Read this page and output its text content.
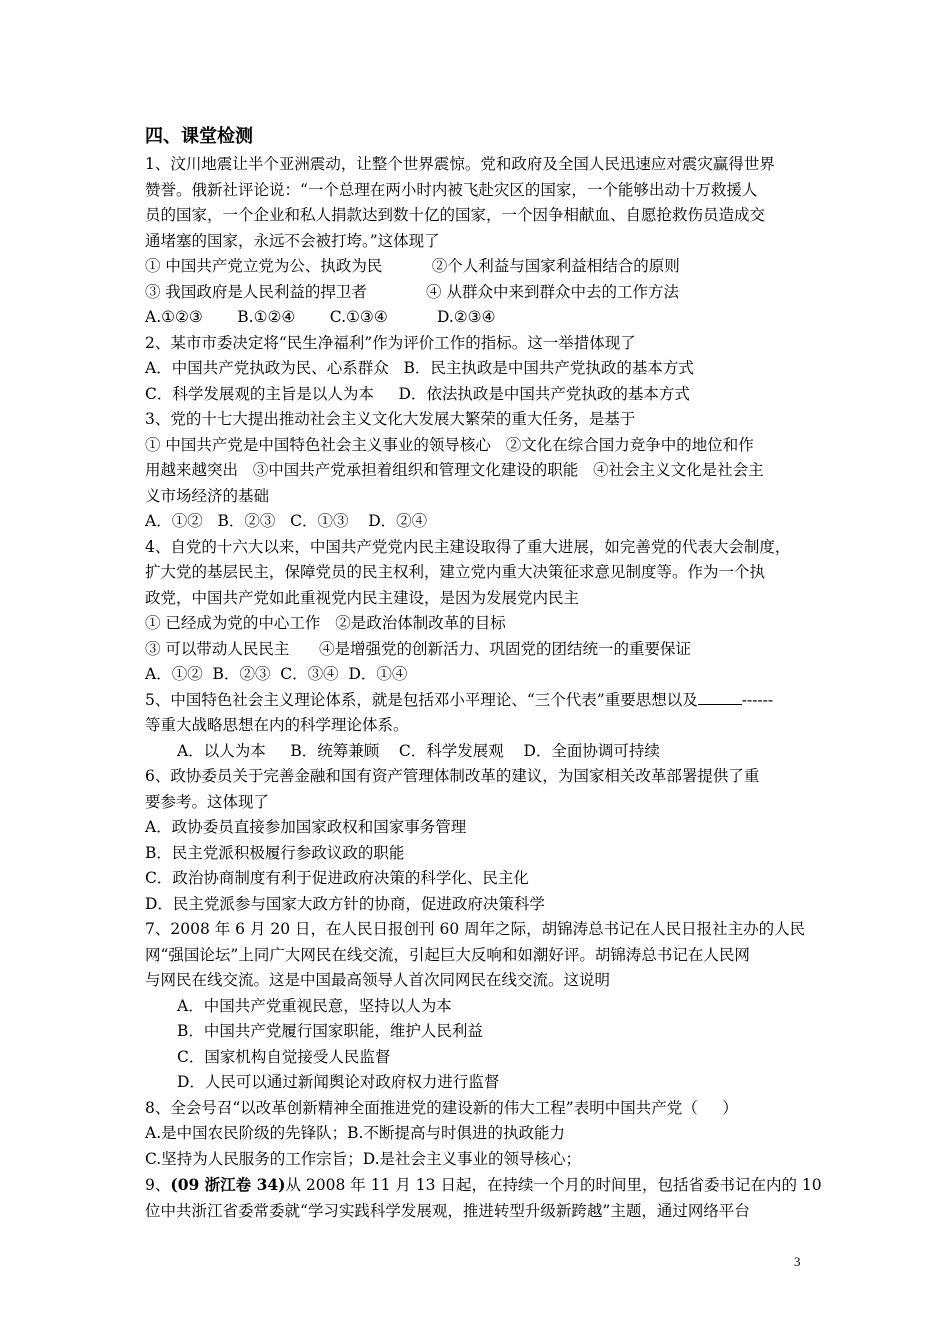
四、课堂检测
1、汶川地震让半个亚洲震动，让整个世界震惊。党和政府及全国人民迅速应对震灾赢得世界
赞誉。俄新社评论说：“一个总理在两小时内被飞赴灾区的国家，一个能够出动十万救援人
员的国家，一个企业和私人捐款达到数十亿的国家，一个因争相献血、自愿抢救伤员造成交
通堵塞的国家，永远不会被打垮。”这体现了
① 中国共产党立党为公、执政为民          ②个人利益与国家利益相结合的原则
③ 我国政府是人民利益的捍卫者            ④ 从群众中来到群众中去的工作方法
A.①②③       B.①②④       C.①③④          D.②③④
2、某市市委决定将“民生净福利”作为评价工作的指标。这一举措体现了
A．中国共产党执政为民、心系群众   B．民主执政是中国共产党执政的基本方式
C．科学发展观的主旨是以人为本     D．依法执政是中国共产党执政的基本方式
3、党的十七大提出推动社会主义文化大发展大繁荣的重大任务，是基于
① 中国共产党是中国特色社会主义事业的领导核心   ②文化在综合国力竞争中的地位和作
用越来越突出   ③中国共产党承担着组织和管理文化建设的职能   ④社会主义文化是社会主
义市场经济的基础
A．①②   B．②③   C．①③    D．②④
4、自党的十六大以来，中国共产党党内民主建设取得了重大进展，如完善党的代表大会制度，
扩大党的基层民主，保障党员的民主权利，建立党内重大决策征求意见制度等。作为一个执
政党，中国共产党如此重视党内民主建设，是因为发展党内民主
① 已经成为党的中心工作   ②是政治体制改革的目标
③ 可以带动人民民主      ④是增强党的创新活力、巩固党的团结统一的重要保证
A．①②  B．②③  C．③④  D．①④
5、中国特色社会主义理论体系，就是包括邓小平理论、“三个代表”重要思想以及	------
等重大战略思想在内的科学理论体系。
A．以人为本     B．统筹兼顾    C．科学发展观    D．全面协调可持续
6、政协委员关于完善金融和国有资产管理体制改革的建议，为国家相关改革部署提供了重
要参考。这体现了
A．政协委员直接参加国家政权和国家事务管理
B．民主党派积极履行参政议政的职能
C．政治协商制度有利于促进政府决策的科学化、民主化
D．民主党派参与国家大政方针的协商，促进政府决策科学
7、2008 年 6 月 20 日，在人民日报创刊 60 周年之际，胡锦涛总书记在人民日报社主办的人民
网“强国论坛”上同广大网民在线交流，引起巨大反响和如潮好评。胡锦涛总书记在人民网
与网民在线交流。这是中国最高领导人首次同网民在线交流。这说明
A．中国共产党重视民意，坚持以人为本
B．中国共产党履行国家职能，维护人民利益
C．国家机构自觉接受人民监督
D．人民可以通过新闻舆论对政府权力进行监督
8、全会号召“以改革创新精神全面推进党的建设新的伟大工程”表明中国共产党（     ）
A.是中国农民阶级的先锋队；B.不断提高与时俱进的执政能力
C.坚持为人民服务的工作宗旨；D.是社会主义事业的领导核心；
9、(09 浙江卷 34)从 2008 年 11 月 13 日起，在持续一个月的时间里，包括省委书记在内的 10
位中共浙江省委常委就“学习实践科学发展观，推进转型升级新跨越”主题，通过网络平台
3
